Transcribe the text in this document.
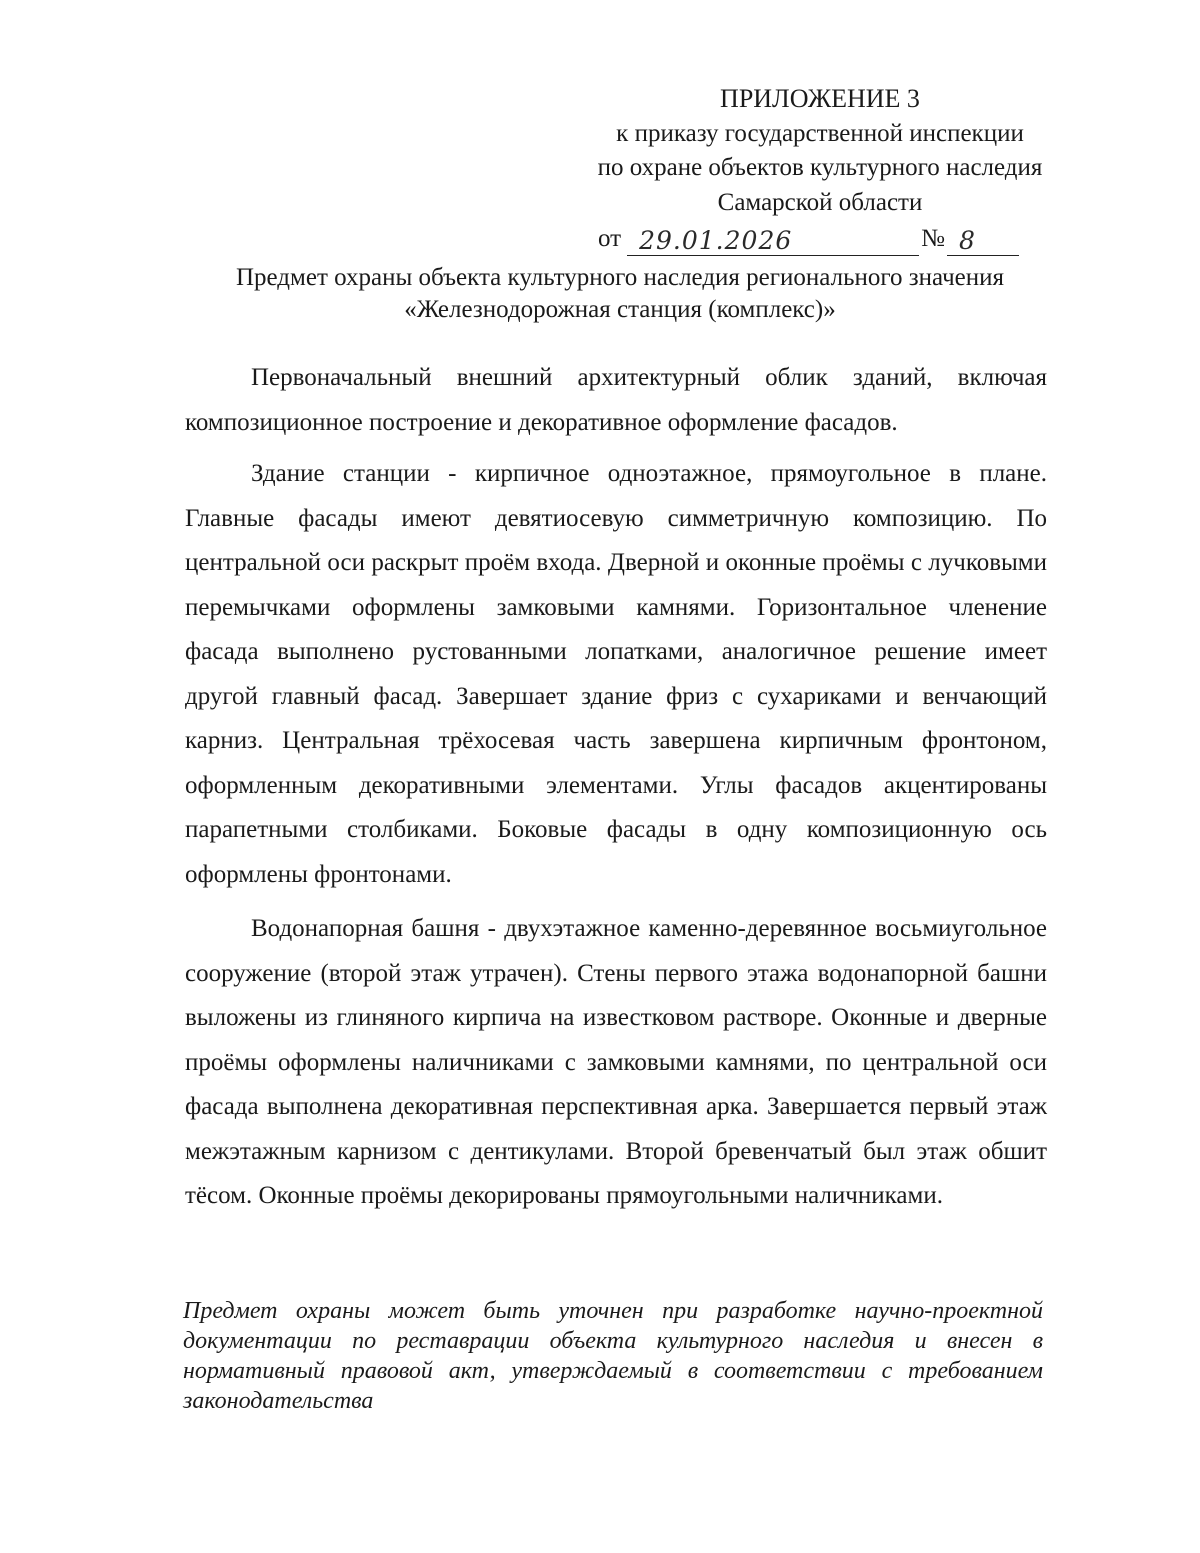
ПРИЛОЖЕНИЕ 3
к приказу государственной инспекции
по охране объектов культурного наследия
Самарской области
от 29.01.2026	№ 8
Предмет охраны объекта культурного наследия регионального значения
«Железнодорожная станция (комплекс)»

Первоначальный внешний архитектурный облик зданий, включая композиционное построение и декоративное оформление фасадов.

Здание станции - кирпичное одноэтажное, прямоугольное в плане. Главные фасады имеют девятиосевую симметричную композицию. По центральной оси раскрыт проём входа. Дверной и оконные проёмы с лучковыми перемычками оформлены замковыми камнями. Горизонтальное членение фасада выполнено рустованными лопатками, аналогичное решение имеет другой главный фасад. Завершает здание фриз с сухариками и венчающий карниз. Центральная трёхосевая часть завершена кирпичным фронтоном, оформленным декоративными элементами. Углы фасадов акцентированы парапетными столбиками. Боковые фасады в одну композиционную ось оформлены фронтонами.

Водонапорная башня - двухэтажное каменно-деревянное восьмиугольное сооружение (второй этаж утрачен). Стены первого этажа водонапорной башни выложены из глиняного кирпича на известковом растворе. Оконные и дверные проёмы оформлены наличниками с замковыми камнями, по центральной оси фасада выполнена декоративная перспективная арка. Завершается первый этаж межэтажным карнизом с дентикулами. Второй бревенчатый был этаж обшит тёсом. Оконные проёмы декорированы прямоугольными наличниками.

Предмет охраны может быть уточнен при разработке научно-проектной документации по реставрации объекта культурного наследия и внесен в нормативный правовой акт, утверждаемый в соответствии с требованием законодательства
